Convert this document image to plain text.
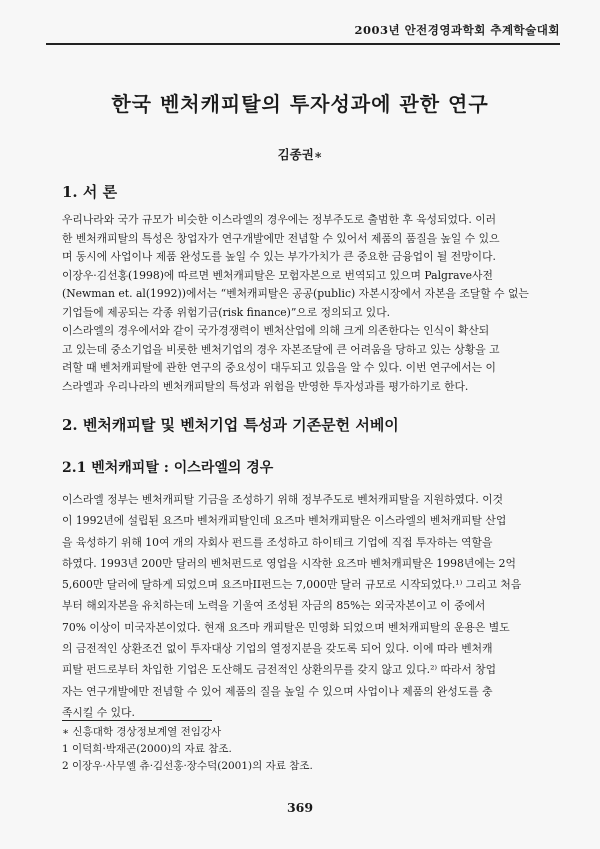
2003년 안전경영과학회 추계학술대회
한국 벤처캐피탈의 투자성과에 관한 연구
김종권∗
1. 서 론

우리나라와 국가 규모가 비슷한 이스라엘의 경우에는 정부주도로 출범한 후 육성되었다. 이러
한 벤처캐피탈의 특성은 창업자가 연구개발에만 전념할 수 있어서 제품의 품질을 높일 수 있으
며 동시에 사업이나 제품 완성도를 높일 수 있는 부가가치가 큰 중요한 금융업이 될 전망이다.
이장우·김선홍(1998)에 따르면 벤처캐피탈은 모험자본으로 번역되고 있으며 Palgrave사전
(Newman et. al(1992))에서는 “벤처캐피탈은 공공(public) 자본시장에서 자본을 조달할 수 없는
기업들에 제공되는 각종 위험기금(risk finance)”으로 정의되고 있다.
이스라엘의 경우에서와 같이 국가경쟁력이 벤처산업에 의해 크게 의존한다는 인식이 확산되
고 있는데 중소기업을 비롯한 벤처기업의 경우 자본조달에 큰 어려움을 당하고 있는 상황을 고
려할 때 벤처캐피탈에 관한 연구의 중요성이 대두되고 있음을 알 수 있다. 이번 연구에서는 이
스라엘과 우리나라의 벤처캐피탈의 특성과 위험을 반영한 투자성과를 평가하기로 한다.

2. 벤처캐피탈 및 벤처기업 특성과 기존문헌 서베이
2.1 벤처캐피탈 : 이스라엘의 경우

이스라엘 정부는 벤처캐피탈 기금을 조성하기 위해 정부주도로 벤처캐피탈을 지원하였다. 이것
이 1992년에 설립된 요즈마 벤처캐피탈인데 요즈마 벤처캐피탈은 이스라엘의 벤처캐피탈 산업
을 육성하기 위해 10여 개의 자회사 펀드를 조성하고 하이테크 기업에 직접 투자하는 역할을
하였다. 1993년 200만 달러의 벤처펀드로 영업을 시작한 요즈마 벤처캐피탈은 1998년에는 2억
5,600만 달러에 달하게 되었으며 요즈마II펀드는 7,000만 달러 규모로 시작되었다.¹⁾ 그리고 처음
부터 해외자본을 유치하는데 노력을 기울여 조성된 자금의 85%는 외국자본이고 이 중에서
70% 이상이 미국자본이었다. 현재 요즈마 캐피탈은 민영화 되었으며 벤처캐피탈의 운용은 별도
의 금전적인 상환조건 없이 투자대상 기업의 열정지분을 갖도록 되어 있다. 이에 따라 벤처캐
피탈 펀드로부터 차입한 기업은 도산해도 금전적인 상환의무를 갖지 않고 있다.²⁾ 따라서 창업
자는 연구개발에만 전념할 수 있어 제품의 질을 높일 수 있으며 사업이나 제품의 완성도를 충
족시킬 수 있다.

∗ 신흥대학 경상정보계열 전임강사
1 이덕희·박재곤(2000)의 자료 참조.
2 이장우·사무엘 츄·김선홍·장수덕(2001)의 자료 참조.
369
